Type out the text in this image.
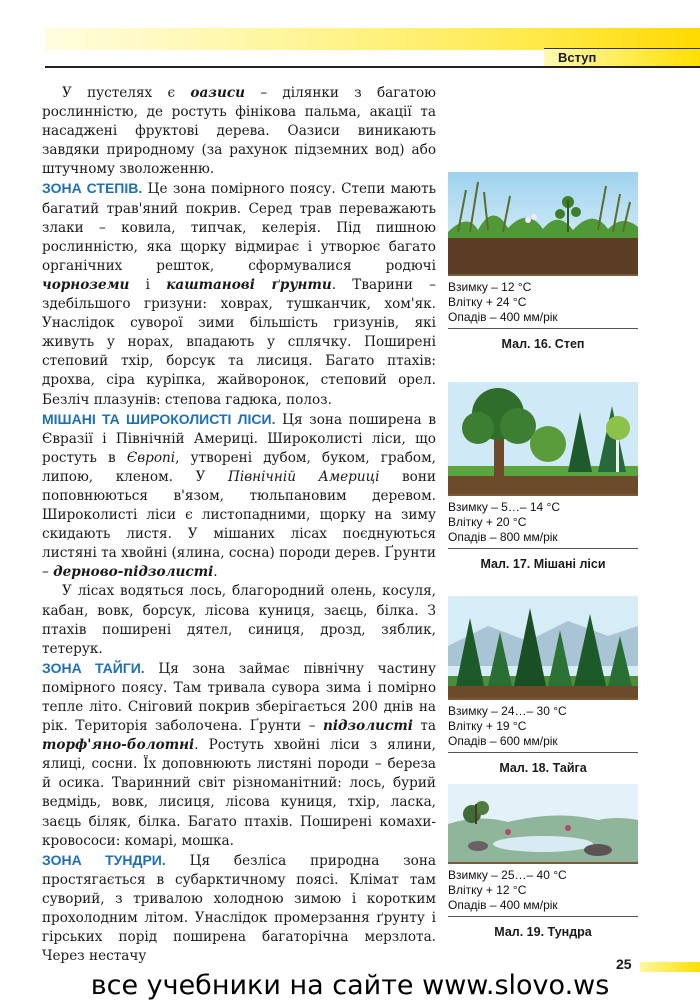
Вступ

У пустелях є оазиси – ділянки з багатою рослинністю, де ростуть фінікова пальма, акації та насаджені фруктові дерева. Оазиси виникають завдяки природному (за рахунок підземних вод) або штучному зволоженню.

ЗОНА СТЕПІВ. Це зона помірного поясу. Степи мають багатий трав'яний покрив. Серед трав переважають злаки – ковила, типчак, келерія. Під пишною рослинністю, яка щорку відмирає і утворює багато органічних решток, сформувалися родючі чорноземи і каштанові ґрунти. Тварини – здебільшого гризуни: ховрах, тушканчик, хом'як. Унаслідок суворої зими більшість гризунів, які живуть у норах, впадають у сплячку. Поширені степовий тхір, борсук та лисиця. Багато птахів: дрохва, сіра куріпка, жайворонок, степовий орел. Безліч плазунів: степова гадюка, полоз.

МІШАНІ ТА ШИРОКОЛИСТІ ЛІСИ. Ця зона поширена в Євразії і Північній Америці. Широколисті ліси, що ростуть в Європі, утворені дубом, буком, грабом, липою, кленом. У Північній Америці вони поповнюються в'язом, тюльпановим деревом. Широколисті ліси є листопадними, щорку на зиму скидають листя. У мішаних лісах поєднуються листяні та хвойні (ялина, сосна) породи дерев. Ґрунти – дерново-підзолисті.

У лісах водяться лось, благородний олень, косуля, кабан, вовк, борсук, лісова куниця, заєць, білка. З птахів поширені дятел, синиця, дрозд, зяблик, тетерук.

ЗОНА ТАЙГИ. Ця зона займає північну частину помірного поясу. Там тривала сувора зима і помірно тепле літо. Сніговий покрив зберігається 200 днів на рік. Територія заболочена. Ґрунти – підзолисті та торф'яно-болотні. Ростуть хвойні ліси з ялини, ялиці, сосни. Їх доповнюють листяні породи – береза й осика. Тваринний світ різноманітний: лось, бурий ведмідь, вовк, лисиця, лісова куниця, тхір, ласка, заєць біляк, білка. Багато птахів. Поширені комахи-кровососи: комарі, мошка.

ЗОНА ТУНДРИ. Ця безліса природна зона простягається в субарктичному поясі. Клімат там суворий, з тривалою холодною зимою і коротким прохолодним літом. Унаслідок промерзання ґрунту і гірських порід поширена багаторічна мерзлота. Через нестачу

Взимку – 12 °С
Влітку + 24 °С
Опадів – 400 мм/рік
Мал. 16. Степ
Взимку – 5…– 14 °С
Влітку + 20 °С
Опадів – 800 мм/рік
Мал. 17. Мішані ліси
Взимку – 24…– 30 °С
Влітку + 19 °С
Опадів – 600 мм/рік
Мал. 18. Тайга
Взимку – 25…– 40 °С
Влітку + 12 °С
Опадів – 400 мм/рік
Мал. 19. Тундра
25
все учебники на сайте www.slovo.ws
